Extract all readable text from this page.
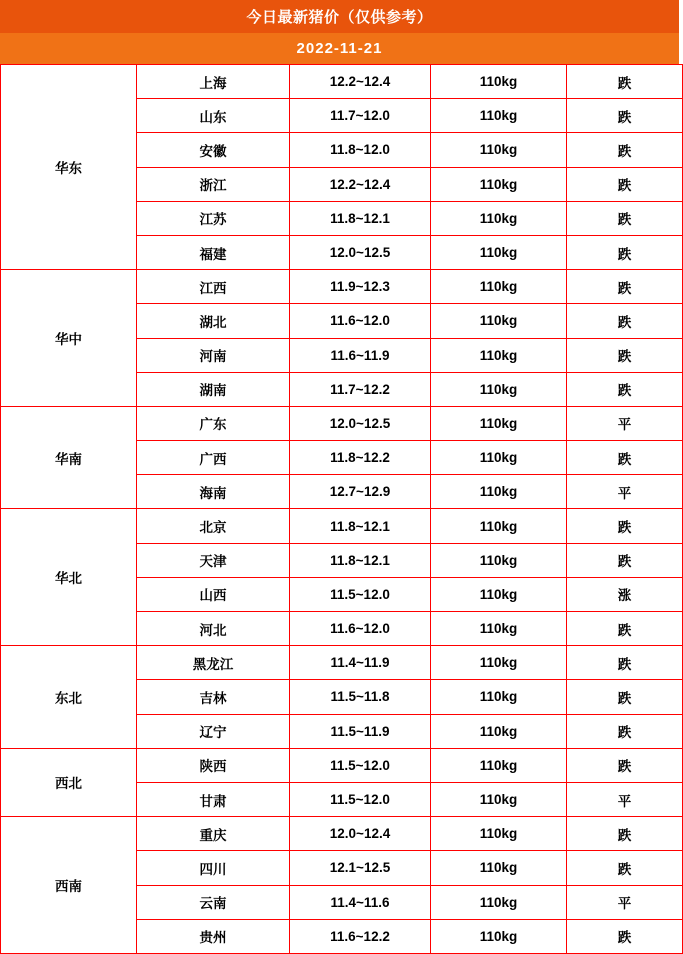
今日最新猪价（仅供参考）
2022-11-21
华东	上海	12.2~12.4	110kg	跌
	山东	11.7~12.0	110kg	跌
	安徽	11.8~12.0	110kg	跌
	浙江	12.2~12.4	110kg	跌
	江苏	11.8~12.1	110kg	跌
	福建	12.0~12.5	110kg	跌
华中	江西	11.9~12.3	110kg	跌
	湖北	11.6~12.0	110kg	跌
	河南	11.6~11.9	110kg	跌
	湖南	11.7~12.2	110kg	跌
华南	广东	12.0~12.5	110kg	平
	广西	11.8~12.2	110kg	跌
	海南	12.7~12.9	110kg	平
华北	北京	11.8~12.1	110kg	跌
	天津	11.8~12.1	110kg	跌
	山西	11.5~12.0	110kg	涨
	河北	11.6~12.0	110kg	跌
东北	黑龙江	11.4~11.9	110kg	跌
	吉林	11.5~11.8	110kg	跌
	辽宁	11.5~11.9	110kg	跌
西北	陕西	11.5~12.0	110kg	跌
	甘肃	11.5~12.0	110kg	平
西南	重庆	12.0~12.4	110kg	跌
	四川	12.1~12.5	110kg	跌
	云南	11.4~11.6	110kg	平
	贵州	11.6~12.2	110kg	跌
